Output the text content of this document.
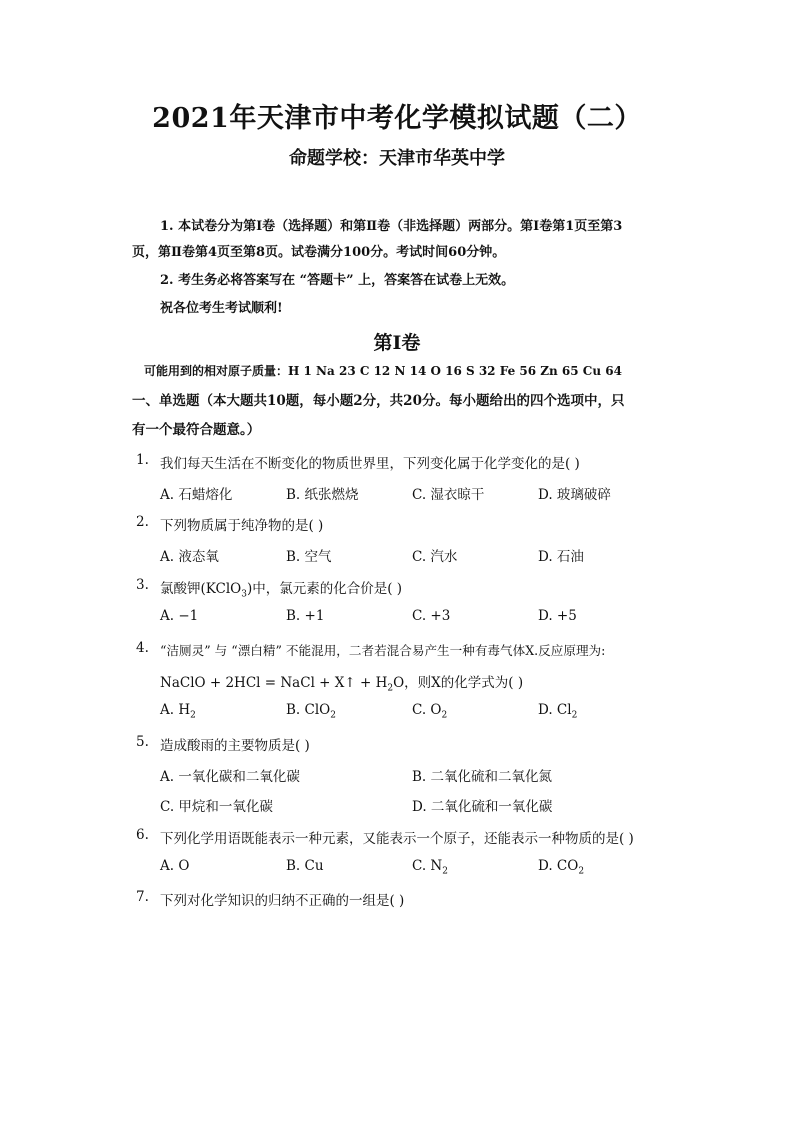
2021年天津市中考化学模拟试题（二）
命题学校：天津市华英中学
1. 本试卷分为第Ⅰ卷（选择题）和第Ⅱ卷（非选择题）两部分。第Ⅰ卷第1页至第3
页，第Ⅱ卷第4页至第8页。试卷满分100分。考试时间60分钟。
2. 考生务必将答案写在 “答题卡” 上，答案答在试卷上无效。
祝各位考生考试顺利!
第Ⅰ卷
可能用到的相对原子质量：H 1 Na 23 C 12 N 14 O 16 S 32 Fe 56 Zn 65 Cu 64
一、单选题（本大题共10题，每小题2分，共20分。每小题给出的四个选项中，只
有一个最符合题意。）
1. 我们每天生活在不断变化的物质世界里，下列变化属于化学变化的是( )
A. 石蜡熔化	B. 纸张燃烧	C. 湿衣晾干	D. 玻璃破碎
2. 下列物质属于纯净物的是( )
A. 液态氧	B. 空气	C. 汽水	D. 石油
3. 氯酸钾(KClO$_3$)中，氯元素的化合价是( )
A. −1	B. +1	C. +3	D. +5
4. “洁厕灵” 与 “漂白精” 不能混用，二者若混合易产生一种有毒气体X.反应原理为:
NaClO + 2HCl = NaCl + X↑ + $H_2O$，则X的化学式为( )
A. $H_2$	B. ClO$_2$	C. $O_2$	D. $Cl_2$
5. 造成酸雨的主要物质是( )
A. 一氧化碳和二氧化碳	B. 二氧化硫和二氧化氮
C. 甲烷和一氧化碳	D. 二氧化硫和一氧化碳
6. 下列化学用语既能表示一种元素，又能表示一个原子，还能表示一种物质的是( )
A. O	B. Cu	C. $N_2$	D. $CO_2$
7. 下列对化学知识的归纳不正确的一组是( )
